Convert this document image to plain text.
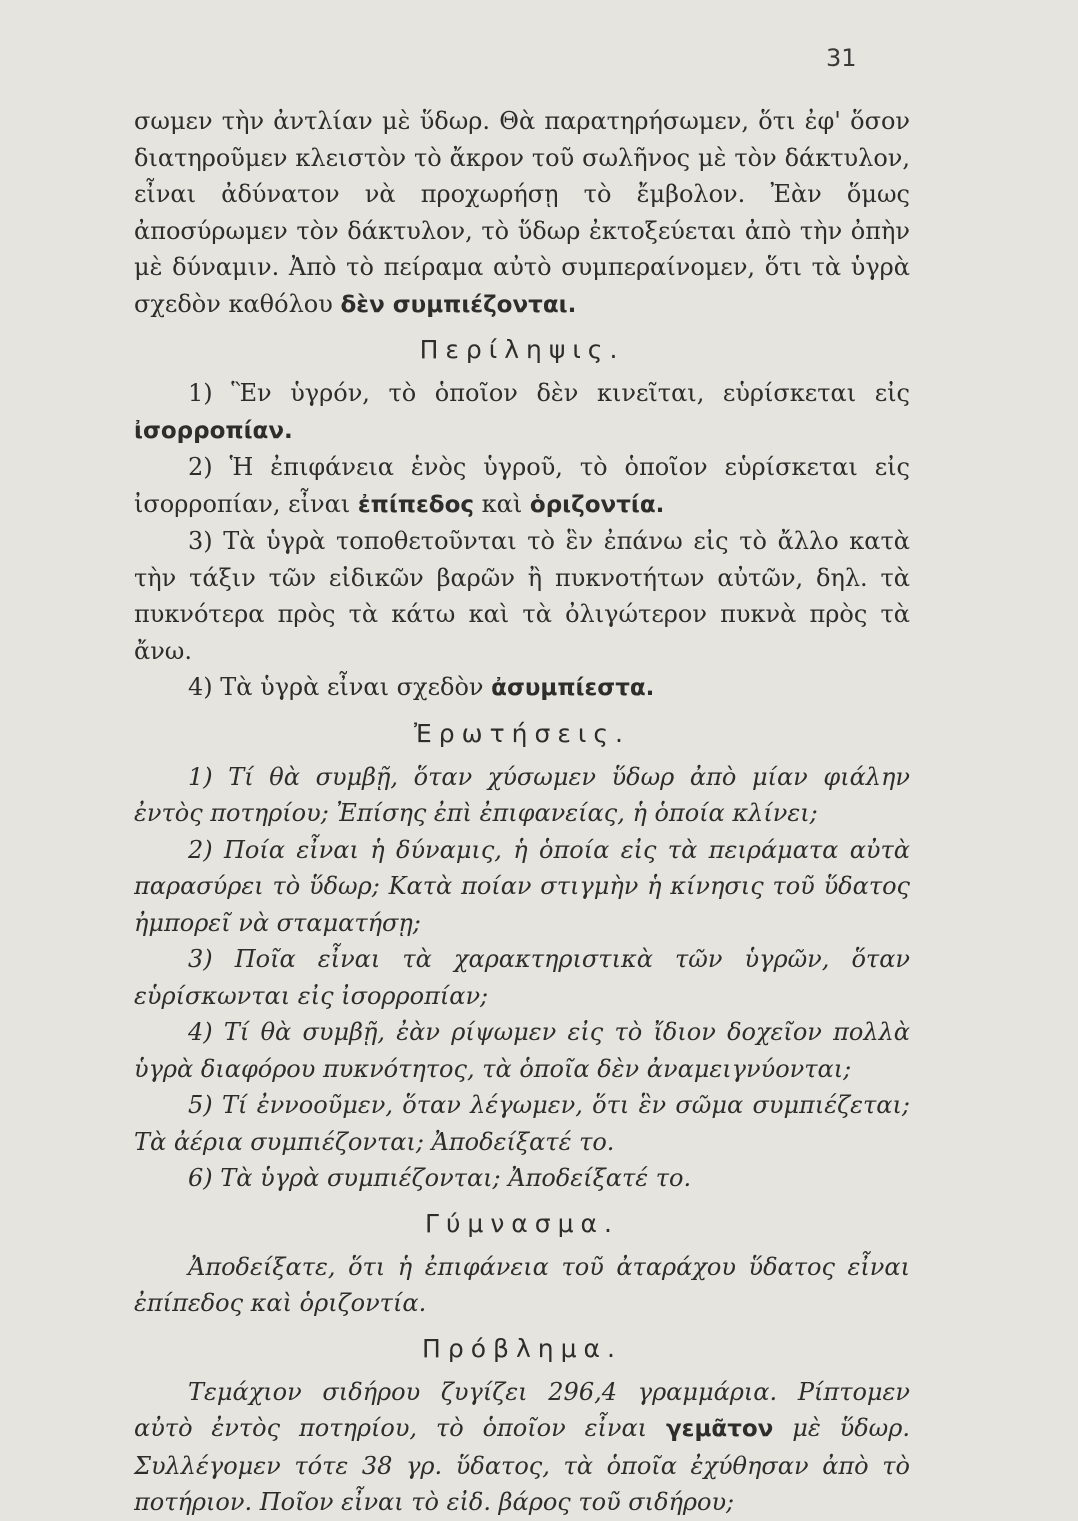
31

σωμεν τὴν ἀντλίαν μὲ ὕδωρ. Θὰ παρατηρήσωμεν, ὅτι ἐφ' ὅσον διατηροῦμεν κλειστὸν τὸ ἄκρον τοῦ σωλῆνος μὲ τὸν δάκτυλον, εἶναι ἀδύνατον νὰ προχωρήσῃ τὸ ἔμβολον. Ἐὰν ὅμως ἀποσύρωμεν τὸν δάκτυλον, τὸ ὕδωρ ἐκτοξεύεται ἀπὸ τὴν ὀπὴν μὲ δύναμιν. Ἀπὸ τὸ πείραμα αὐτὸ συμπεραίνομεν, ὅτι τὰ ὑγρὰ σχεδὸν καθόλου δὲν συμπιέζονται.

Περίληψις.

1) Ἓν ὑγρόν, τὸ ὁποῖον δὲν κινεῖται, εὑρίσκεται εἰς ἰσορροπίαν.

2) Ἡ ἐπιφάνεια ἑνὸς ὑγροῦ, τὸ ὁποῖον εὑρίσκεται εἰς ἰσορροπίαν, εἶναι ἐπίπεδος καὶ ὁριζοντία.

3) Τὰ ὑγρὰ τοποθετοῦνται τὸ ἓν ἐπάνω εἰς τὸ ἄλλο κατὰ τὴν τάξιν τῶν εἰδικῶν βαρῶν ἢ πυκνοτήτων αὐτῶν, δηλ. τὰ πυκνότερα πρὸς τὰ κάτω καὶ τὰ ὀλιγώτερον πυκνὰ πρὸς τὰ ἄνω.

4) Τὰ ὑγρὰ εἶναι σχεδὸν ἀσυμπίεστα.

Ἐρωτήσεις.

1) Τί θὰ συμβῇ, ὅταν χύσωμεν ὕδωρ ἀπὸ μίαν φιάλην ἐντὸς ποτηρίου; Ἐπίσης ἐπὶ ἐπιφανείας, ἡ ὁποία κλίνει;

2) Ποία εἶναι ἡ δύναμις, ἡ ὁποία εἰς τὰ πειράματα αὐτὰ παρασύρει τὸ ὕδωρ; Κατὰ ποίαν στιγμὴν ἡ κίνησις τοῦ ὕδατος ἠμπορεῖ νὰ σταματήσῃ;

3) Ποῖα εἶναι τὰ χαρακτηριστικὰ τῶν ὑγρῶν, ὅταν εὑρίσκωνται εἰς ἰσορροπίαν;

4) Τί θὰ συμβῇ, ἐὰν ρίψωμεν εἰς τὸ ἴδιον δοχεῖον πολλὰ ὑγρὰ διαφόρου πυκνότητος, τὰ ὁποῖα δὲν ἀναμειγνύονται;

5) Τί ἐννοοῦμεν, ὅταν λέγωμεν, ὅτι ἓν σῶμα συμπιέζεται; Τὰ ἀέρια συμπιέζονται; Ἀποδείξατέ το.

6) Τὰ ὑγρὰ συμπιέζονται; Ἀποδείξατέ το.

Γύμνασμα.

Ἀποδείξατε, ὅτι ἡ ἐπιφάνεια τοῦ ἀταράχου ὕδατος εἶναι ἐπίπεδος καὶ ὁριζοντία.

Πρόβλημα.

Τεμάχιον σιδήρου ζυγίζει 296,4 γραμμάρια. Ρίπτομεν αὐτὸ ἐντὸς ποτηρίου, τὸ ὁποῖον εἶναι γεμᾶτον μὲ ὕδωρ. Συλλέγομεν τότε 38 γρ. ὕδατος, τὰ ὁποῖα ἐχύθησαν ἀπὸ τὸ ποτήριον. Ποῖον εἶναι τὸ εἰδ. βάρος τοῦ σιδήρου;
